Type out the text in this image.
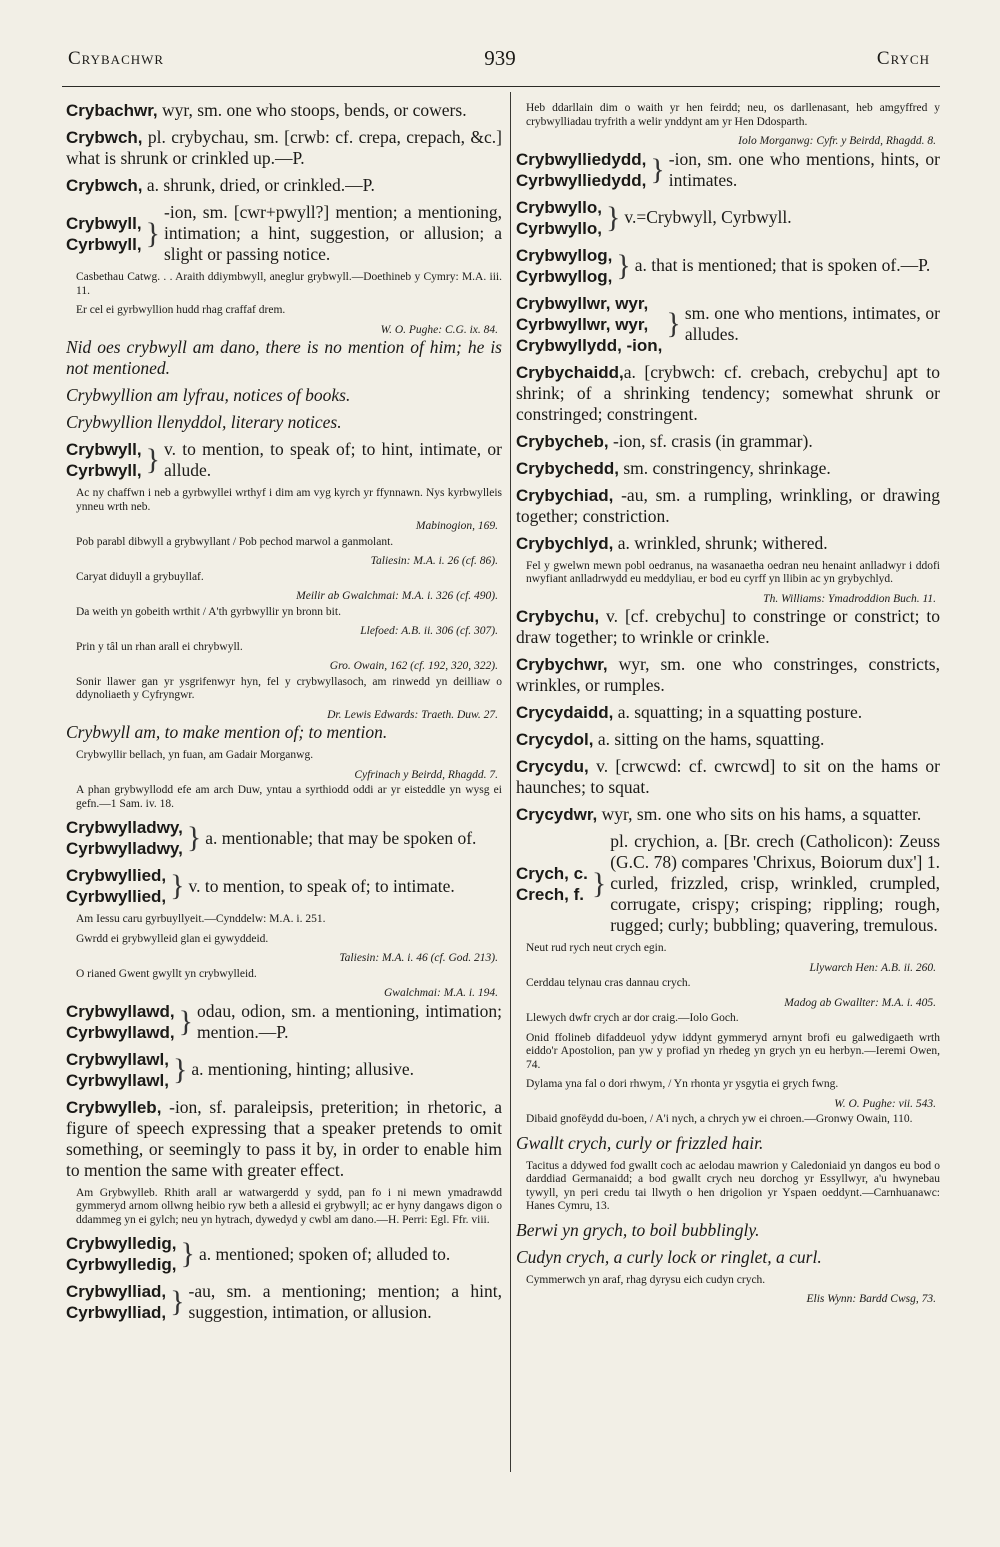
Crybachwr	939	Crych
Crybachwr, wyr, sm. one who stoops, bends, or cowers.
Crybwch, pl. crybychau, sm. [crwb: cf. crepa, crepach, &c.] what is shrunk or crinkled up.—P.
Crybwch, a. shrunk, dried, or crinkled.—P.
Crybwyll,
Cyrbwyll, }
-ion, sm. [cwr+pwyll?] mention; a mentioning, intimation; a hint, suggestion, or allusion; a slight or passing notice.
Casbethau Catwg. . . Araith ddiymbwyll, aneglur grybwyll.—Doethineb y Cymry: M.A. iii. 11.
Er cel ei gyrbwyllion hudd rhag craffaf drem.
W. O. Pughe: C.G. ix. 84.
Nid oes crybwyll am dano, there is no mention of him; he is not mentioned.
Crybwyllion am lyfrau, notices of books.
Crybwyllion llenyddol, literary notices.
Crybwyll,
Cyrbwyll, } v. to mention, to speak of; to hint, intimate, or allude.
Ac ny chaffwn i neb a gyrbwyllei wrthyf i dim am vyg kyrch yr ffynnawn. Nys kyrbwylleis ynneu wrth neb.
Mabinogion, 169.
Pob parabl dibwyll a grybwyllant / Pob pechod marwol a ganmolant.
Taliesin: M.A. i. 26 (cf. 86).
Caryat diduyll a grybuyllaf.
Meilir ab Gwalchmai: M.A. i. 326 (cf. 490).
Da weith yn gobeith wrthit / A'th gyrbwyllir yn bronn bit.
Llefoed: A.B. ii. 306 (cf. 307).
Prin y tâl un rhan arall ei chrybwyll.
Gro. Owain, 162 (cf. 192, 320, 322).
Sonir llawer gan yr ysgrifenwyr hyn, fel y crybwyllasoch, am rinwedd yn deilliaw o ddynoliaeth y Cyfryngwr.
Dr. Lewis Edwards: Traeth. Duw. 27.
Crybwyll am, to make mention of; to mention.
Crybwyllir bellach, yn fuan, am Gadair Morganwg.
Cyfrinach y Beirdd, Rhagdd. 7.
A phan grybwyllodd efe am arch Duw, yntau a syrthiodd oddi ar yr eisteddle yn wysg ei gefn.—1 Sam. iv. 18.
Crybwylladwy,
Cyrbwylladwy, } a. mentionable; that may be spoken of.
Crybwyllied,
Cyrbwyllied, } v. to mention, to speak of; to intimate.
Am Iessu caru gyrbuyllyeit.—Cynddelw: M.A. i. 251.
Gwrdd ei grybwylleid glan ei gywyddeid.
Taliesin: M.A. i. 46 (cf. God. 213).
O rianed Gwent gwyllt yn crybwylleid.
Gwalchmai: M.A. i. 194.
Crybwyllawd,
Cyrbwyllawd, } odau, odion, sm. a mentioning, intimation; mention.—P.
Crybwyllawl,
Cyrbwyllawl, } a. mentioning, hinting; allusive.
Crybwylleb, -ion, sf. paraleipsis, preterition; in rhetoric, a figure of speech expressing that a speaker pretends to omit something, or seemingly to pass it by, in order to enable him to mention the same with greater effect.
Am Grybwylleb. Rhith arall ar watwargerdd y sydd, pan fo i ni mewn ymadrawdd gymmeryd arnom ollwng heibio ryw beth a allesid ei grybwyll; ac er hyny dangaws digon o ddammeg yn ei gylch; neu yn hytrach, dywedyd y cwbl am dano.—H. Perri: Egl. Ffr. viii.
Crybwylledig,
Cyrbwylledig, } a. mentioned; spoken of; alluded to.
Crybwylliad,
Cyrbwylliad, } -au, sm. a mentioning; mention; a hint, suggestion, intimation, or allusion.
Heb ddarllain dim o waith yr hen feirdd; neu, os darllenasant, heb amgyffred y crybwylliadau tryfrith a welir ynddynt am yr Hen Ddosparth.
Iolo Morganwg: Cyfr. y Beirdd, Rhagdd. 8.
Crybwylliedydd,
Cyrbwylliedydd, } -ion, sm. one who mentions, hints, or intimates.
Crybwyllo,
Cyrbwyllo, } v.=Crybwyll, Cyrbwyll.
Crybwyllog,
Cyrbwyllog, } a. that is mentioned; that is spoken of.—P.
Crybwyllwr, wyr,
Cyrbwyllwr, wyr,
Crybwyllydd, -ion,
} sm. one who mentions, intimates, or alludes.
Crybychaidd,a. [crybwch: cf. crebach, crebychu] apt to shrink; of a shrinking tendency; somewhat shrunk or constringed; constringent.
Crybycheb, -ion, sf. crasis (in grammar).
Crybychedd, sm. constringency, shrinkage.
Crybychiad, -au, sm. a rumpling, wrinkling, or drawing together; constriction.
Crybychlyd, a. wrinkled, shrunk; withered.
Fel y gwelwn mewn pobl oedranus, na wasanaetha oedran neu henaint anlladwyr i ddofi nwyfiant anlladrwydd eu meddyliau, er bod eu cyrff yn llibin ac yn grybychlyd.
Th. Williams: Ymadroddion Buch. 11.
Crybychu, v. [cf. crebychu] to constringe or constrict; to draw together; to wrinkle or crinkle.
Crybychwr, wyr, sm. one who constringes, constricts, wrinkles, or rumples.
Crycydaidd, a. squatting; in a squatting posture.
Crycydol, a. sitting on the hams, squatting.
Crycydu, v. [crwcwd: cf. cwrcwd] to sit on the hams or haunches; to squat.
Crycydwr, wyr, sm. one who sits on his hams, a squatter.
Crych, c.
Crech, f. }
pl. crychion, a. [Br. crech (Catholicon): Zeuss (G.C. 78) compares 'Chrixus, Boiorum dux'] 1. curled, frizzled, crisp, wrinkled, crumpled, corrugate, crispy; crisping; rippling; rough, rugged; curly; bubbling; quavering, tremulous.
Neut rud rych neut crych egin.
Llywarch Hen: A.B. ii. 260.
Cerddau telynau cras dannau crych.
Madog ab Gwallter: M.A. i. 405.
Llewych dwfr crych ar dor craig.—Iolo Goch.
Onid ffolineb difaddeuol ydyw iddynt gymmeryd arnynt brofi eu galwedigaeth wrth eiddo'r Apostolion, pan yw y profiad yn rhedeg yn grych yn eu herbyn.—Ieremi Owen, 74.
Dylama yna fal o dori rhwym, / Yn rhonta yr ysgytia ei grych fwng.
W. O. Pughe: vii. 543.
Dibaid gnofëydd du-boen, / A'i nych, a chrych yw ei chroen.—Gronwy Owain, 110.
Gwallt crych, curly or frizzled hair.
Tacitus a ddywed fod gwallt coch ac aelodau mawrion y Caledoniaid yn dangos eu bod o darddiad Germanaidd; a bod gwallt crych neu dorchog yr Essyllwyr, a'u hwynebau tywyll, yn peri credu tai llwyth o hen drigolion yr Yspaen oeddynt.—Carnhuanawc: Hanes Cymru, 13.
Berwi yn grych, to boil bubblingly.
Cudyn crych, a curly lock or ringlet, a curl.
Cymmerwch yn araf, rhag dyrysu eich cudyn crych.
Elis Wynn: Bardd Cwsg, 73.
